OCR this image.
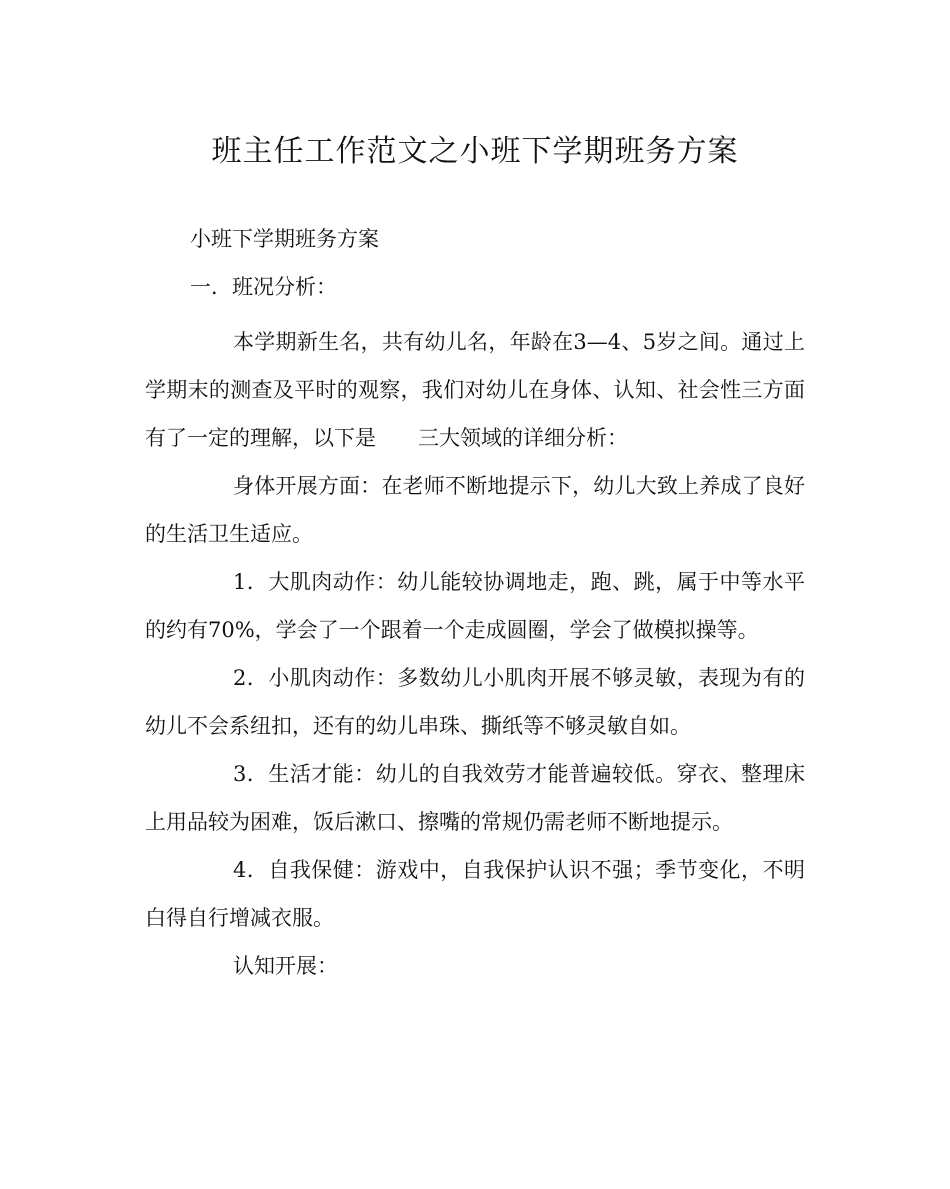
班主任工作范文之小班下学期班务方案
小班下学期班务方案
一．班况分析：
本学期新生名，共有幼儿名，年龄在3—4、5岁之间。通过上学期末的测查及平时的观察，我们对幼儿在身体、认知、社会性三方面有了一定的理解，以下是 三大领域的详细分析：
身体开展方面：在老师不断地提示下，幼儿大致上养成了良好的生活卫生适应。
1．大肌肉动作：幼儿能较协调地走，跑、跳，属于中等水平的约有70%，学会了一个跟着一个走成圆圈，学会了做模拟操等。
2．小肌肉动作：多数幼儿小肌肉开展不够灵敏，表现为有的幼儿不会系纽扣，还有的幼儿串珠、撕纸等不够灵敏自如。
3．生活才能：幼儿的自我效劳才能普遍较低。穿衣、整理床上用品较为困难，饭后漱口、擦嘴的常规仍需老师不断地提示。
4．自我保健：游戏中，自我保护认识不强；季节变化，不明白得自行增减衣服。
认知开展：
